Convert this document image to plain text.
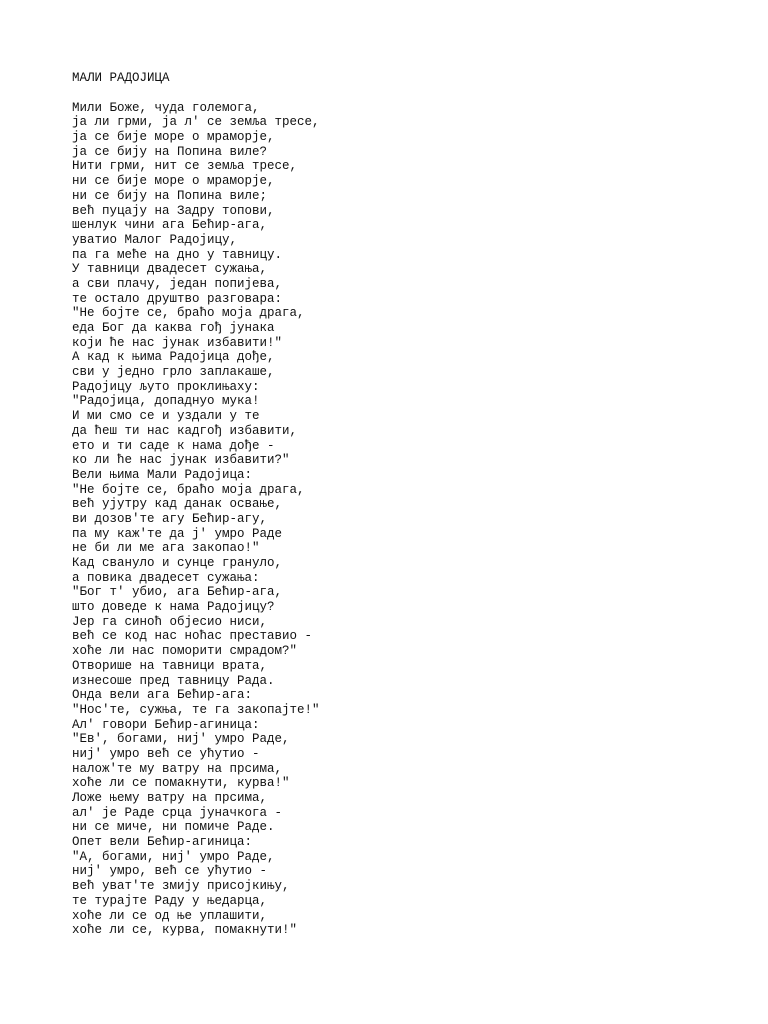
МАЛИ РАДОЈИЦА
Мили Боже, чуда големога,
ја ли грми, ја л' се земља тресе,
ја се бије море о мраморје,
ја се бију на Попина виле?
Нити грми, нит се земља тресе,
ни се бије море о мраморје,
ни се бију на Попина виле;
већ пуцају на Задру топови,
шенлук чини ага Бећир-ага,
уватио Малог Радојицу,
па га меће на дно у тавницу.
У тавници двадесет сужања,
а сви плачу, један попијева,
те остало друштво разговара:
"Не бојте се, браћо моја драга,
еда Бог да каква гођ јунака
који ће нас јунак избавити!"
А кад к њима Радојица дође,
сви у једно грло заплакаше,
Радојицу љуто проклињаху:
"Радојица, допаднуо мука!
И ми смо се и уздали у те
да ћеш ти нас кадгођ избавити,
ето и ти саде к нама дође -
ко ли ће нас јунак избавити?"
Вели њима Мали Радојица:
"Не бојте се, браћо моја драга,
већ ујутру кад данак освање,
ви дозов'те агу Бећир-агу,
па му каж'те да ј' умро Раде
не би ли ме ага закопао!"
Кад свануло и сунце грануло,
а повика двадесет сужања:
"Бог т' убио, ага Бећир-ага,
што доведе к нама Радојицу?
Јер га синоћ објесио ниси,
већ се код нас ноћас преставио -
хоће ли нас поморити смрадом?"
Отворише на тавници врата,
изнесоше пред тавницу Рада.
Онда вели ага Бећир-ага:
"Нос'те, сужња, те га закопајте!"
Ал' говори Бећир-агиница:
"Ев', богами, ниј' умро Раде,
ниј' умро већ се ућутио -
налож'те му ватру на прсима,
хоће ли се помакнути, курва!"
Ложе њему ватру на прсима,
ал' је Раде срца јуначкога -
ни се миче, ни помиче Раде.
Опет вели Бећир-агиница:
"А, богами, ниј' умро Раде,
ниј' умро, већ се ућутио -
већ уват'те змију присојкињу,
те турајте Раду у њедарца,
хоће ли се од ње уплашити,
хоће ли се, курва, помакнути!"
